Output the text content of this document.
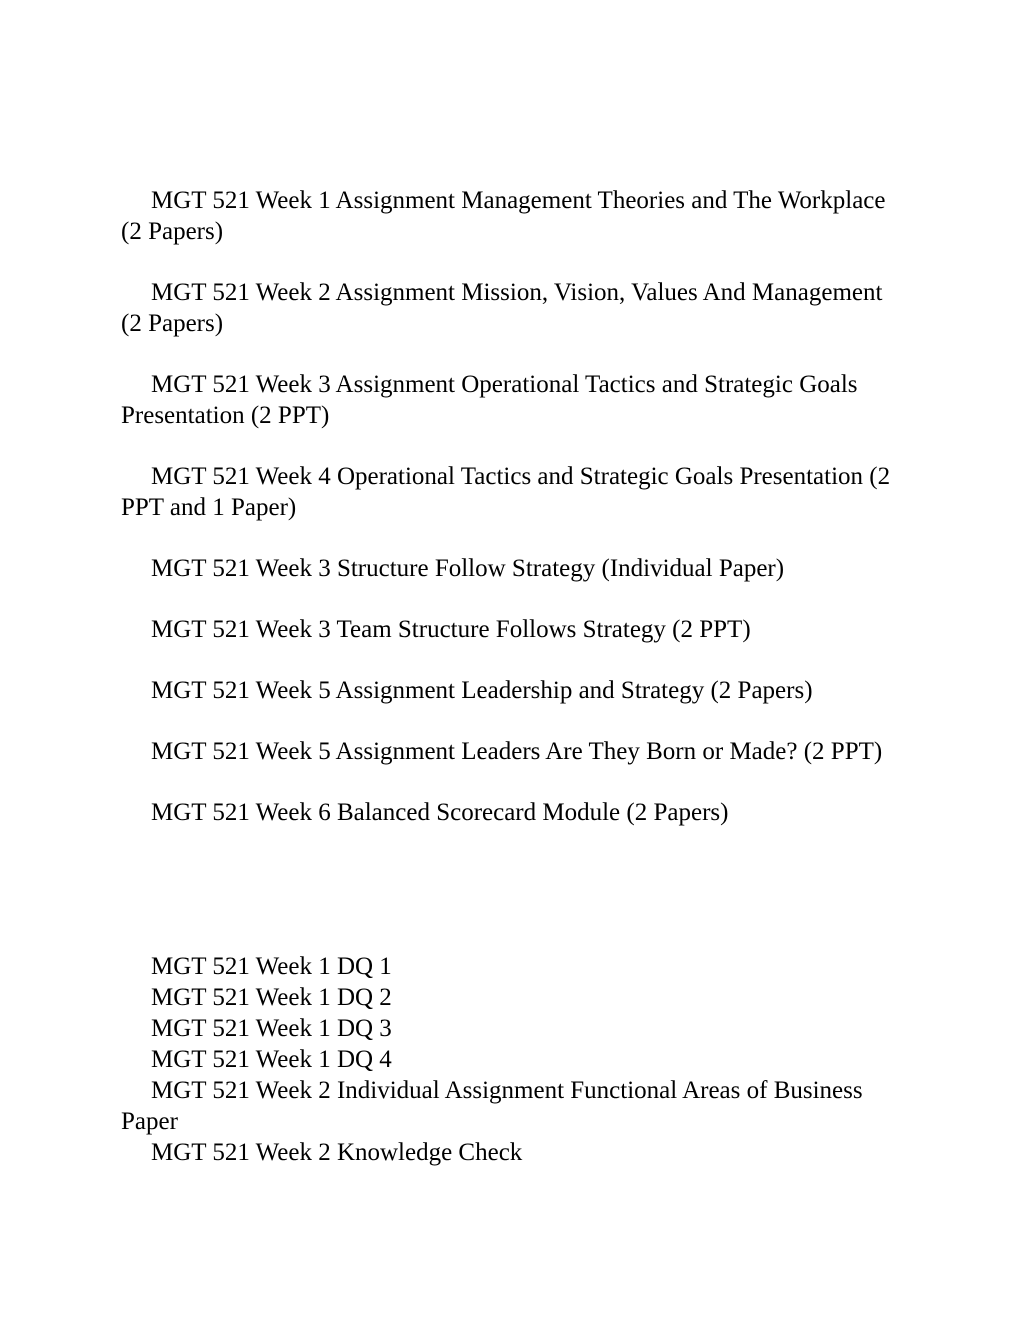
MGT 521 Week 1 Assignment Management Theories and The Workplace (2 Papers)

MGT 521 Week 2 Assignment Mission, Vision, Values And Management (2 Papers)

MGT 521 Week 3 Assignment Operational Tactics and Strategic Goals Presentation (2 PPT)

MGT 521 Week 4 Operational Tactics and Strategic Goals Presentation (2 PPT and 1 Paper)

MGT 521 Week 3 Structure Follow Strategy (Individual Paper)

MGT 521 Week 3 Team Structure Follows Strategy (2 PPT)

MGT 521 Week 5 Assignment Leadership and Strategy (2 Papers)

MGT 521 Week 5 Assignment Leaders Are They Born or Made? (2 PPT)

MGT 521 Week 6 Balanced Scorecard Module (2 Papers)

MGT 521 Week 1 DQ 1

MGT 521 Week 1 DQ 2

MGT 521 Week 1 DQ 3

MGT 521 Week 1 DQ 4

MGT 521 Week 2 Individual Assignment Functional Areas of Business Paper

MGT 521 Week 2 Knowledge Check
